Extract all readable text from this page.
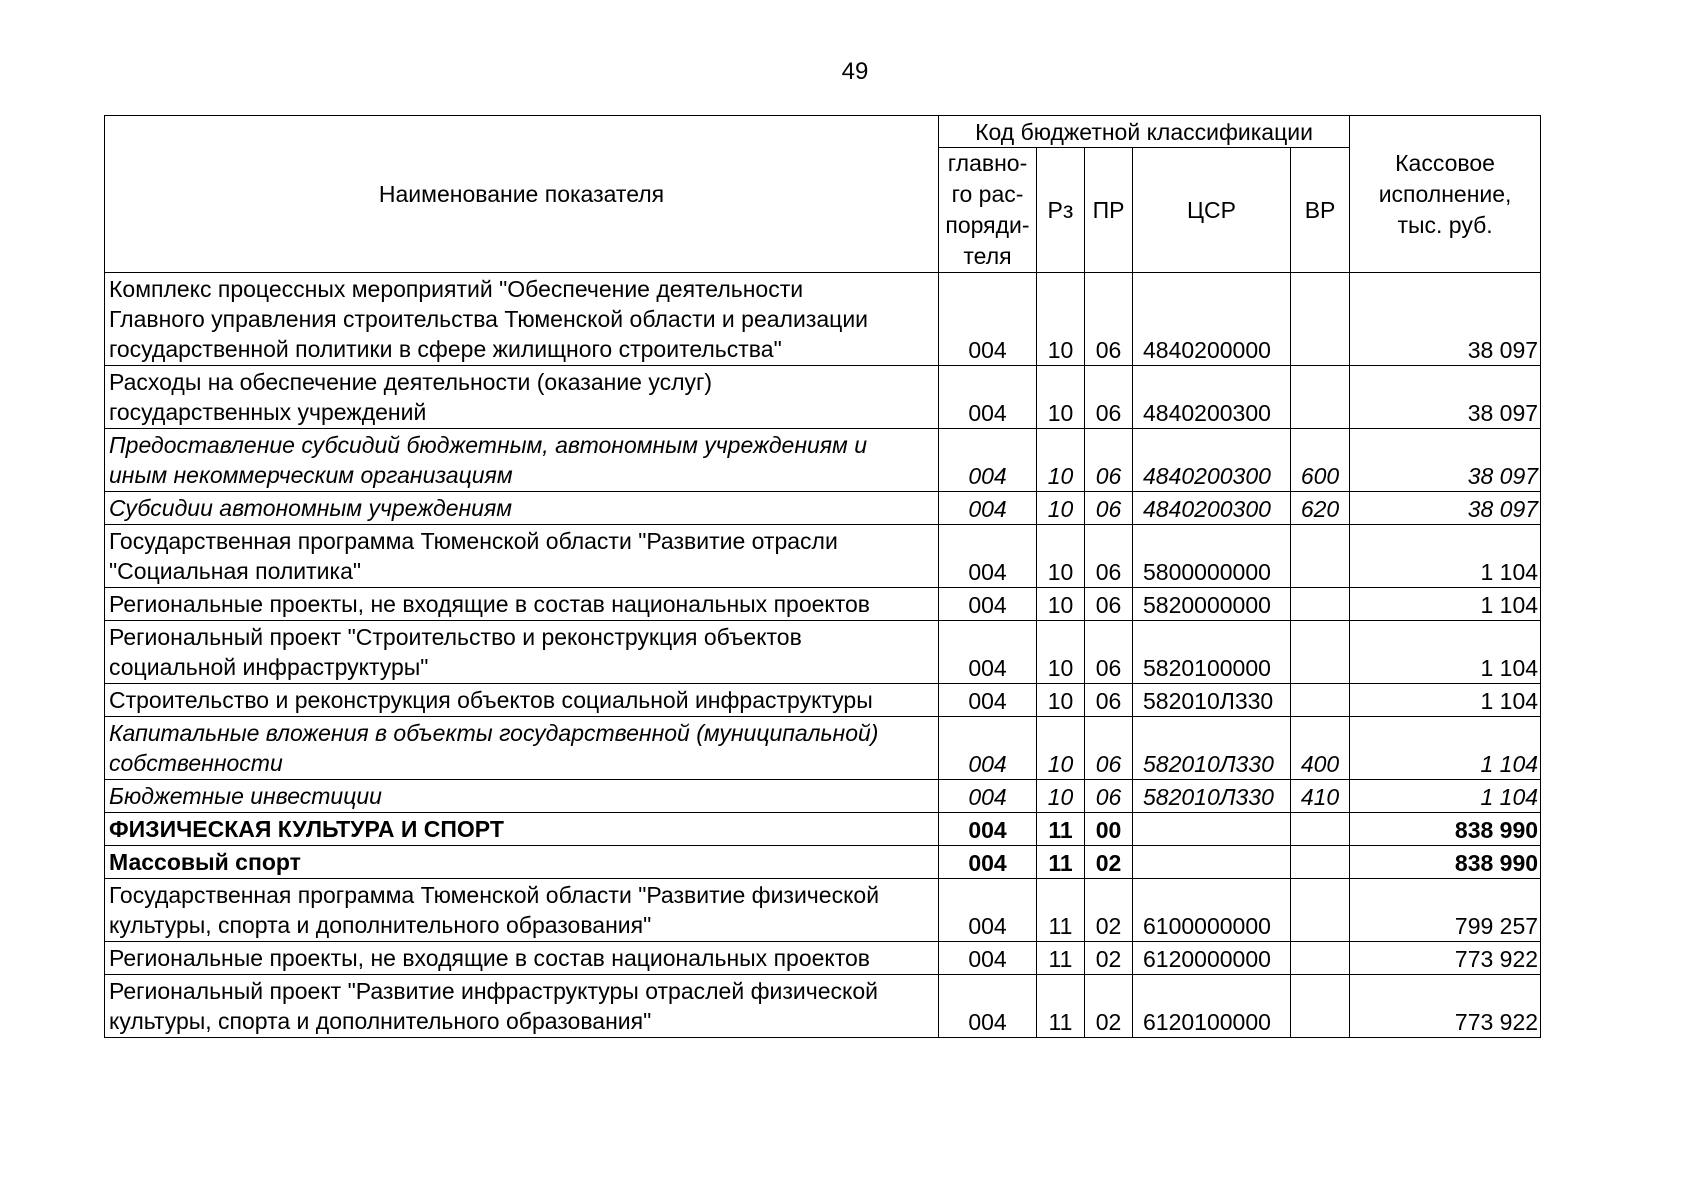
49
Наименование показателя	Код бюджетной классификации					Кассовое
исполнение,
тыс. руб.
	главно-
го рас-
поряди-
теля	Рз	ПР	ЦСР	ВР	
Комплекс процессных мероприятий "Обеспечение деятельности
Главного управления строительства Тюменской области и реализации
государственной политики в сфере жилищного строительства"	004	10	06	4840200000		38 097
Расходы на обеспечение деятельности (оказание услуг)
государственных учреждений	004	10	06	4840200300		38 097
Предоставление субсидий бюджетным, автономным учреждениям и
иным некоммерческим организациям	004	10	06	4840200300	600	38 097
Субсидии автономным учреждениям	004	10	06	4840200300	620	38 097
Государственная программа Тюменской области "Развитие отрасли
"Социальная политика"	004	10	06	5800000000		1 104
Региональные проекты, не входящие в состав национальных проектов	004	10	06	5820000000		1 104
Региональный проект "Строительство и реконструкция объектов
социальной инфраструктуры"	004	10	06	5820100000		1 104
Строительство и реконструкция объектов социальной инфраструктуры	004	10	06	582010Л330		1 104
Капитальные вложения в объекты государственной (муниципальной)
собственности	004	10	06	582010Л330	400	1 104
Бюджетные инвестиции	004	10	06	582010Л330	410	1 104
ФИЗИЧЕСКАЯ КУЛЬТУРА И СПОРТ	004	11	00			838 990
Массовый спорт	004	11	02			838 990
Государственная программа Тюменской области "Развитие физической
культуры, спорта и дополнительного образования"	004	11	02	6100000000		799 257
Региональные проекты, не входящие в состав национальных проектов	004	11	02	6120000000		773 922
Региональный проект "Развитие инфраструктуры отраслей физической
культуры, спорта и дополнительного образования"	004	11	02	6120100000		773 922
